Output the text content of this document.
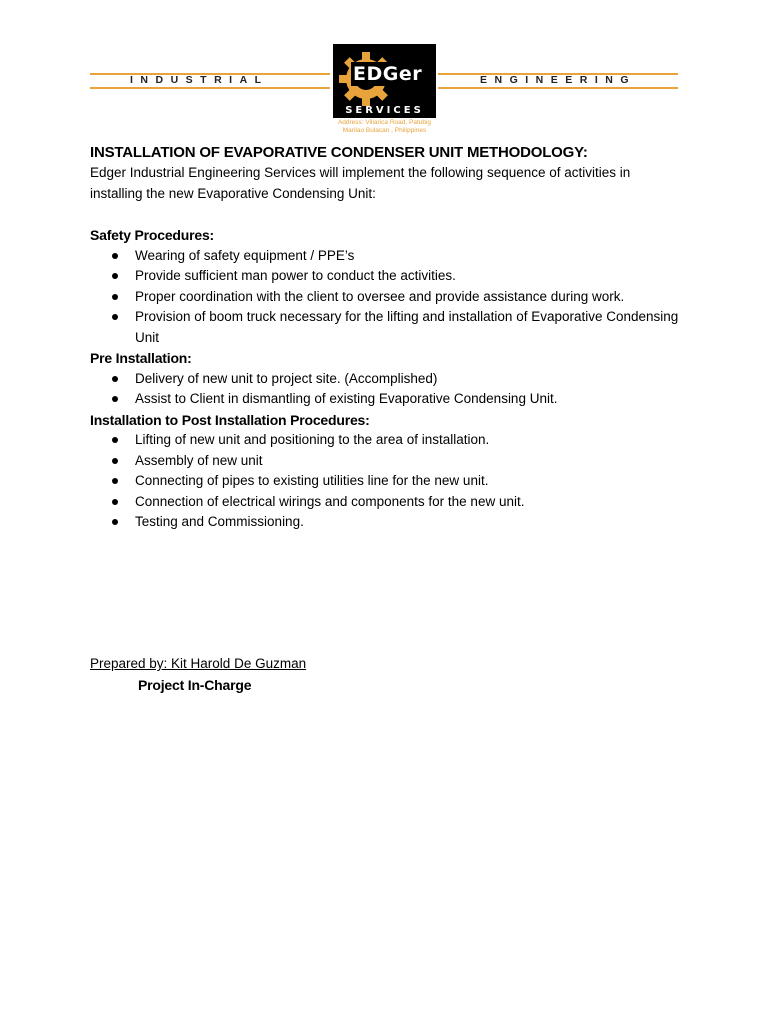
INDUSTRIAL	ENGINEERING
EDGer
SERVICES
Address: Villarica Road, Patubig
Marilao Bulacan , Philippines
INSTALLATION OF EVAPORATIVE CONDENSER UNIT METHODOLOGY:

Edger Industrial Engineering Services will implement the following sequence of activities in installing the new Evaporative Condensing Unit:

Safety Procedures:
Wearing of safety equipment / PPE’s
Provide sufficient man power to conduct the activities.
Proper coordination with the client to oversee and provide assistance during work.
Provision of boom truck necessary for the lifting and installation of Evaporative Condensing Unit
Pre Installation:
Delivery of new unit to project site. (Accomplished)
Assist to Client in dismantling of existing Evaporative Condensing Unit.
Installation to Post Installation Procedures:
Lifting of new unit and positioning to the area of installation.
Assembly of new unit
Connecting of pipes to existing utilities line for the new unit.
Connection of electrical wirings and components for the new unit.
Testing and Commissioning.
Prepared by: Kit Harold De Guzman
Project In-Charge
